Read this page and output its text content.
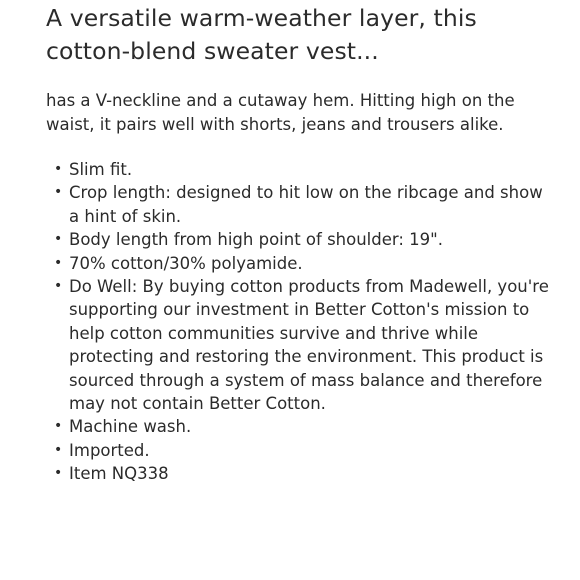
A versatile warm-weather layer, this cotton-blend sweater vest...

has a V-neckline and a cutaway hem. Hitting high on the waist, it pairs well with shorts, jeans and trousers alike.

• Slim fit.
• Crop length: designed to hit low on the ribcage and show a hint of skin.
• Body length from high point of shoulder: 19".
• 70% cotton/30% polyamide.
• Do Well: By buying cotton products from Madewell, you're supporting our investment in Better Cotton's mission to help cotton communities survive and thrive while protecting and restoring the environment. This product is sourced through a system of mass balance and therefore may not contain Better Cotton.
• Machine wash.
• Imported.
• Item NQ338
